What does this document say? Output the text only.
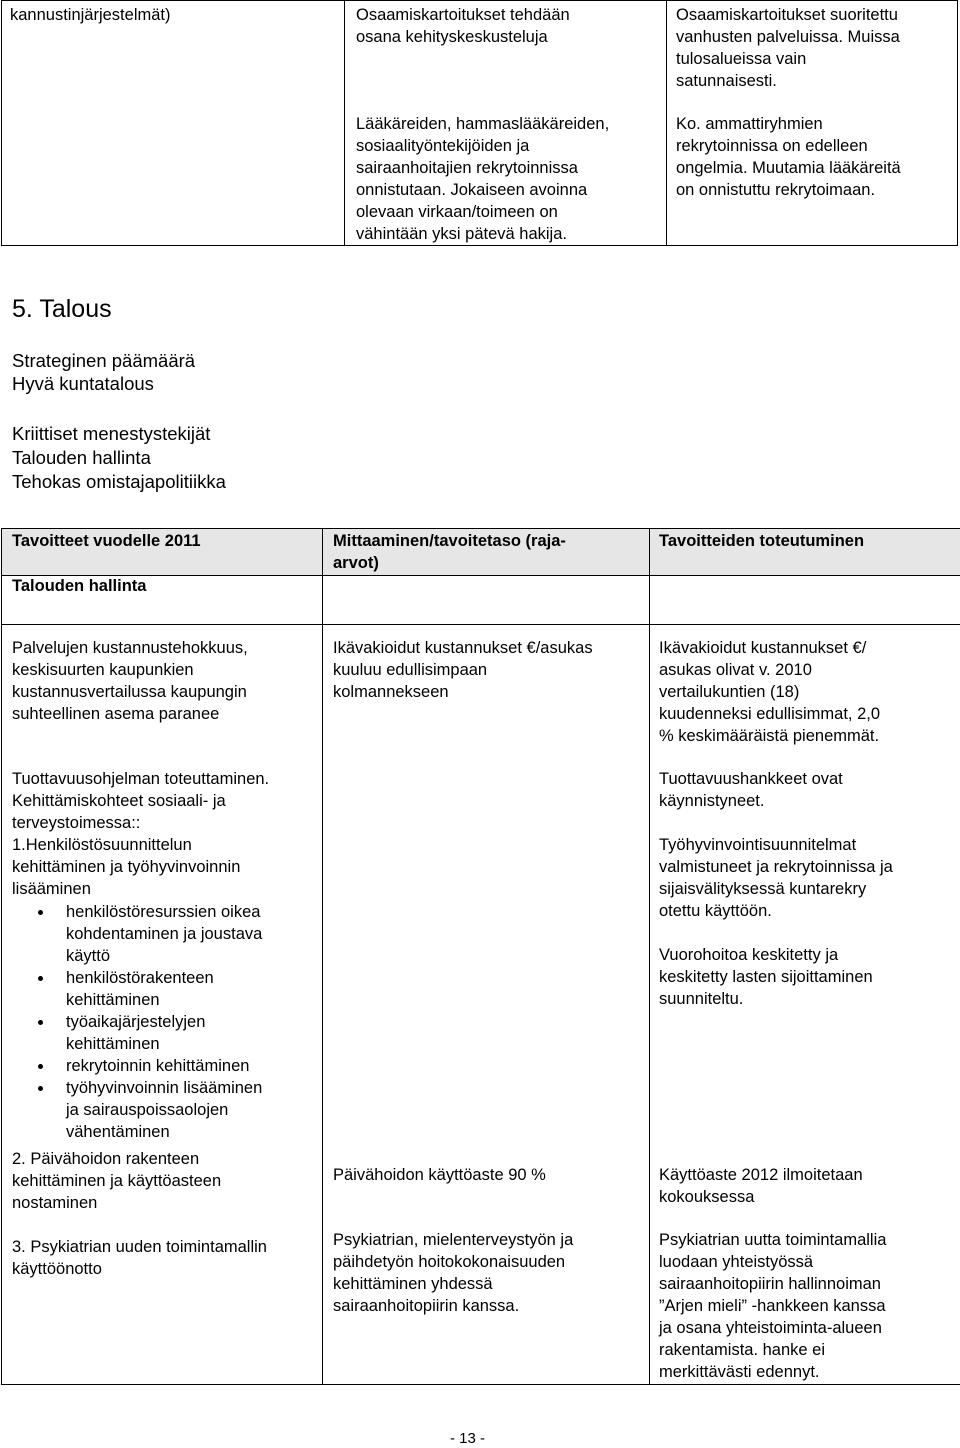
kannustinjärjestelmät)	Osaamiskartoitukset tehdään
osana kehityskeskusteluja
Lääkäreiden, hammaslääkäreiden,
sosiaalityöntekijöiden ja
sairaanhoitajien rekrytoinnissa
onnistutaan. Jokaiseen avoinna
olevaan virkaan/toimeen on
vähintään yksi pätevä hakija.
Osaamiskartoitukset suoritettu
vanhusten palveluissa. Muissa
tulosalueissa vain
satunnaisesti.
Ko. ammattiryhmien
rekrytoinnissa on edelleen
ongelmia. Muutamia lääkäreitä
on onnistuttu rekrytoimaan.
5. Talous
Strateginen päämäärä
Hyvä kuntatalous
Kriittiset menestystekijät
Talouden hallinta
Tehokas omistajapolitiikka
Tavoitteet vuodelle 2011
Talouden hallinta
Mittaaminen/tavoitetaso (raja-
arvot)
Tavoitteiden toteutuminen
Palvelujen kustannustehokkuus,
keskisuurten kaupunkien
kustannusvertailussa kaupungin
suhteellinen asema paranee
Ikävakioidut kustannukset €/asukas
kuuluu edullisimpaan
kolmannekseen
Ikävakioidut kustannukset €/
asukas olivat v. 2010
vertailukuntien (18)
kuudenneksi edullisimmat, 2,0
% keskimääräistä pienemmät.
Tuottavuusohjelman toteuttaminen.
Kehittämiskohteet sosiaali- ja
terveystoimessa::
1.Henkilöstösuunnittelun
kehittäminen ja työhyvinvoinnin
lisääminen
henkilöstöresurssien oikea
kohdentaminen ja joustava
käyttö
henkilöstörakenteen
kehittäminen
työaikajärjestelyjen
kehittäminen
rekrytoinnin kehittäminen
työhyvinvoinnin lisääminen
ja sairauspoissaolojen
vähentäminen
2. Päivähoidon rakenteen
kehittäminen ja käyttöasteen
nostaminen
3. Psykiatrian uuden toimintamallin
käyttöönotto
Päivähoidon käyttöaste 90 %
Psykiatrian, mielenterveystyön ja
päihdetyön hoitokokonaisuuden
kehittäminen yhdessä
sairaanhoitopiirin kanssa.
Tuottavuushankkeet ovat
käynnistyneet.
Työhyvinvointisuunnitelmat
valmistuneet ja rekrytoinnissa ja
sijaisvälityksessä kuntarekry
otettu käyttöön.
Vuorohoitoa keskitetty ja
keskitetty lasten sijoittaminen
suunniteltu.
Käyttöaste 2012 ilmoitetaan
kokouksessa
Psykiatrian uutta toimintamallia
luodaan yhteistyössä
sairaanhoitopiirin hallinnoiman
”Arjen mieli” -hankkeen kanssa
ja osana yhteistoiminta-alueen
rakentamista. hanke ei
merkittävästi edennyt.
- 13 -
